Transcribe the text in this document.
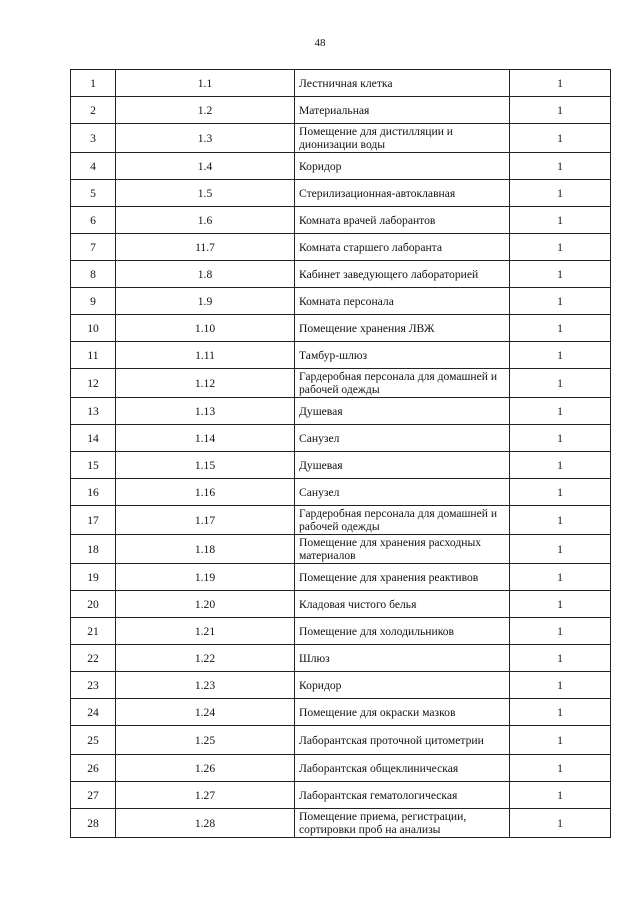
48
1	1.1	Лестничная клетка	1
2	1.2	Материальная	1
3	1.3	Помещение для дистилляции и дионизации воды	1
4	1.4	Коридор	1
5	1.5	Стерилизационная-автоклавная	1
6	1.6	Комната врачей лаборантов	1
7	11.7	Комната старшего лаборанта	1
8	1.8	Кабинет заведующего лабораторией	1
9	1.9	Комната персонала	1
10	1.10	Помещение хранения ЛВЖ	1
11	1.11	Тамбур-шлюз	1
12	1.12	Гардеробная персонала для домашней и рабочей одежды	1
13	1.13	Душевая	1
14	1.14	Санузел	1
15	1.15	Душевая	1
16	1.16	Санузел	1
17	1.17	Гардеробная персонала для домашней и рабочей одежды	1
18	1.18	Помещение для хранения расходных материалов	1
19	1.19	Помещение для хранения реактивов	1
20	1.20	Кладовая чистого белья	1
21	1.21	Помещение для холодильников	1
22	1.22	Шлюз	1
23	1.23	Коридор	1
24	1.24	Помещение для окраски мазков	1
25	1.25	Лаборантская проточной цитометрии	1
26	1.26	Лаборантская общеклиническая	1
27	1.27	Лаборантская гематологическая	1
28	1.28	Помещение приема, регистрации, сортировки проб на анализы	1
